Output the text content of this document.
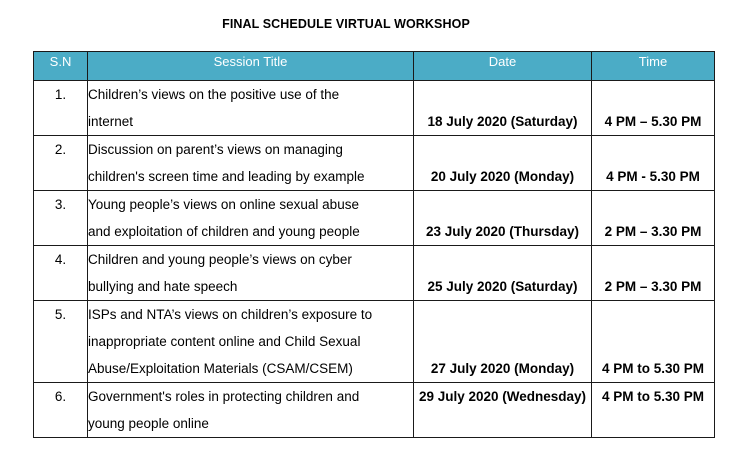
FINAL SCHEDULE VIRTUAL WORKSHOP
S.N	Session Title	Date	Time
1.	Children’s views on the positive use of the
internet	18 July 2020 (Saturday)	4 PM – 5.30 PM
2.	Discussion on parent’s views on managing
children's screen time and leading by example	20 July 2020 (Monday)	4 PM - 5.30 PM
3.	Young people’s views on online sexual abuse
and exploitation of children and young people	23 July 2020 (Thursday)	2 PM – 3.30 PM
4.	Children and young people’s views on cyber
bullying and hate speech	25 July 2020 (Saturday)	2 PM – 3.30 PM
5.	ISPs and NTA’s views on children’s exposure to
inappropriate content online and Child Sexual
Abuse/Exploitation Materials (CSAM/CSEM)	27 July 2020 (Monday)	4 PM to 5.30 PM
6.	Government's roles in protecting children and
young people online	29 July 2020 (Wednesday)	4 PM to 5.30 PM
